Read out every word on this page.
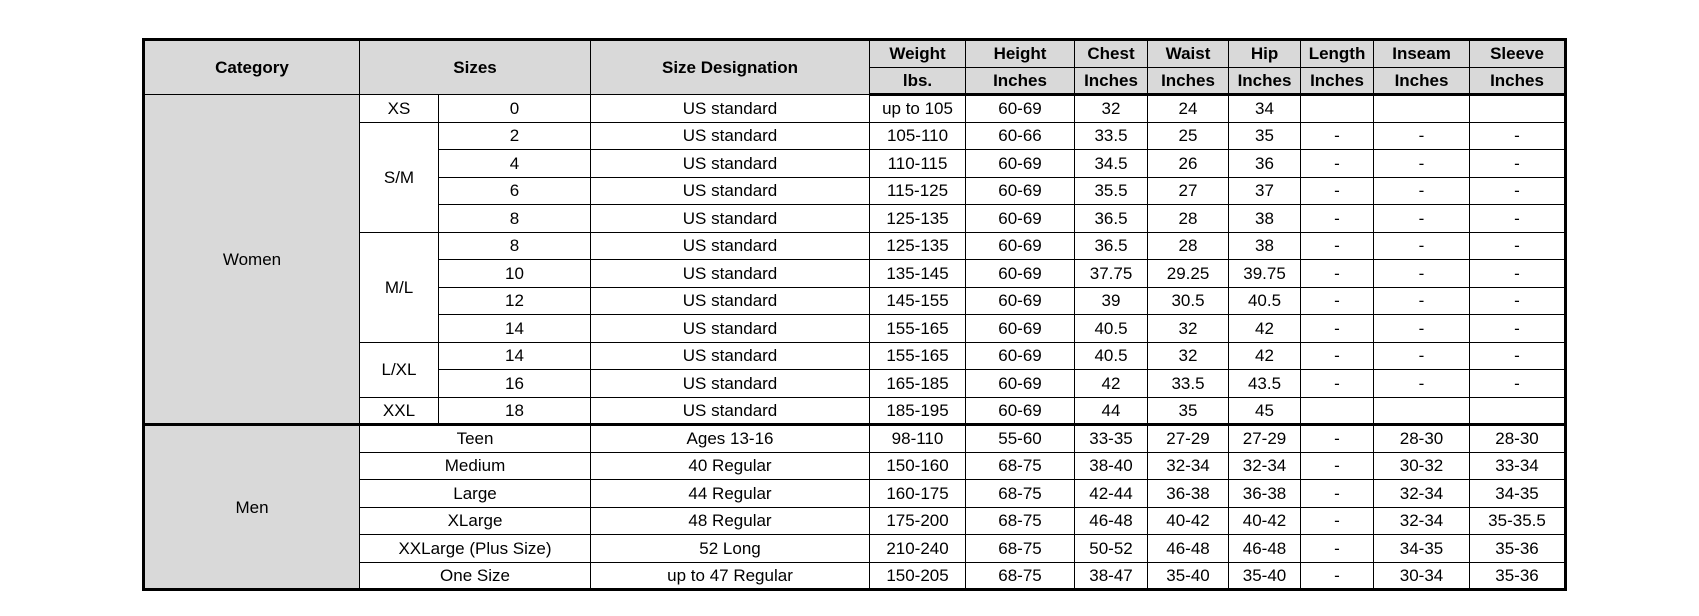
Category	Sizes		Size Designation	Weight	Height	Chest	Waist	Hip	Length	Inseam	Sleeve
				lbs.	Inches	Inches	Inches	Inches	Inches	Inches	Inches
Women	XS	0	US standard	up to 105	60-69	32	24	34			
	S/M	2	US standard	105-110	60-66	33.5	25	35	-	-	-
		4	US standard	110-115	60-69	34.5	26	36	-	-	-
		6	US standard	115-125	60-69	35.5	27	37	-	-	-
		8	US standard	125-135	60-69	36.5	28	38	-	-	-
	M/L	8	US standard	125-135	60-69	36.5	28	38	-	-	-
		10	US standard	135-145	60-69	37.75	29.25	39.75	-	-	-
		12	US standard	145-155	60-69	39	30.5	40.5	-	-	-
		14	US standard	155-165	60-69	40.5	32	42	-	-	-
	L/XL	14	US standard	155-165	60-69	40.5	32	42	-	-	-
		16	US standard	165-185	60-69	42	33.5	43.5	-	-	-
	XXL	18	US standard	185-195	60-69	44	35	45			
Men	Teen		Ages 13-16	98-110	55-60	33-35	27-29	27-29	-	28-30	28-30
	Medium		40 Regular	150-160	68-75	38-40	32-34	32-34	-	30-32	33-34
	Large		44 Regular	160-175	68-75	42-44	36-38	36-38	-	32-34	34-35
	XLarge		48 Regular	175-200	68-75	46-48	40-42	40-42	-	32-34	35-35.5
	XXLarge (Plus Size)		52 Long	210-240	68-75	50-52	46-48	46-48	-	34-35	35-36
	One Size		up to 47 Regular	150-205	68-75	38-47	35-40	35-40	-	30-34	35-36
